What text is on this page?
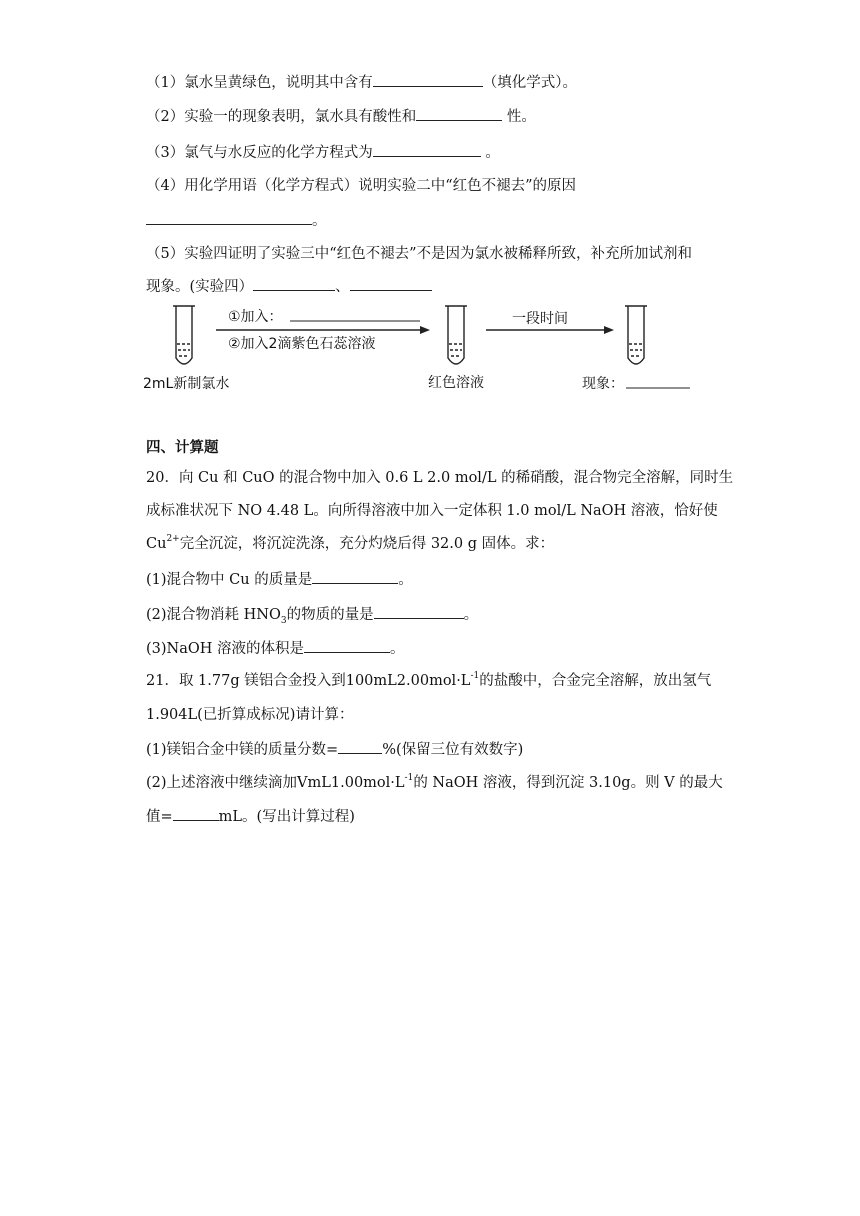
（1）氯水呈黄绿色，说明其中含有	（填化学式）。
（2）实验一的现象表明，氯水具有酸性和	性。
（3）氯气与水反应的化学方程式为	。
（4）用化学用语（化学方程式）说明实验二中“红色不褪去”的原因
。
（5）实验四证明了实验三中“红色不褪去”不是因为氯水被稀释所致，补充所加试剂和
现象。(实验四）	、
①加入：
②加入2滴紫色石蕊溶液
一段时间
2mL新制氯水	红色溶液	现象：
四、计算题
20．向 Cu 和 CuO 的混合物中加入 0.6 L 2.0 mol/L 的稀硝酸，混合物完全溶解，同时生
成标准状况下 NO 4.48 L。向所得溶液中加入一定体积 1.0 mol/L NaOH 溶液，恰好使
$Cu^{2+}$完全沉淀，将沉淀洗涤，充分灼烧后得 32.0 g 固体。求：
(1)混合物中 Cu 的质量是	。
(2)混合物消耗 $HNO_3$的物质的量是	。
(3)NaOH 溶液的体积是	。
21．取 1.77g 镁铝合金投入到$100mL2.00mol\cdot L^{-1}$的盐酸中，合金完全溶解，放出氢气
1.904L(已折算成标况)请计算：
(1)镁铝合金中镁的质量分数=	%(保留三位有效数字)
(2)上述溶液中继续滴加$VmL1.00mol\cdot L^{-1}$的 NaOH 溶液，得到沉淀 3.10g。则 V 的最大
值=	mL。(写出计算过程)
